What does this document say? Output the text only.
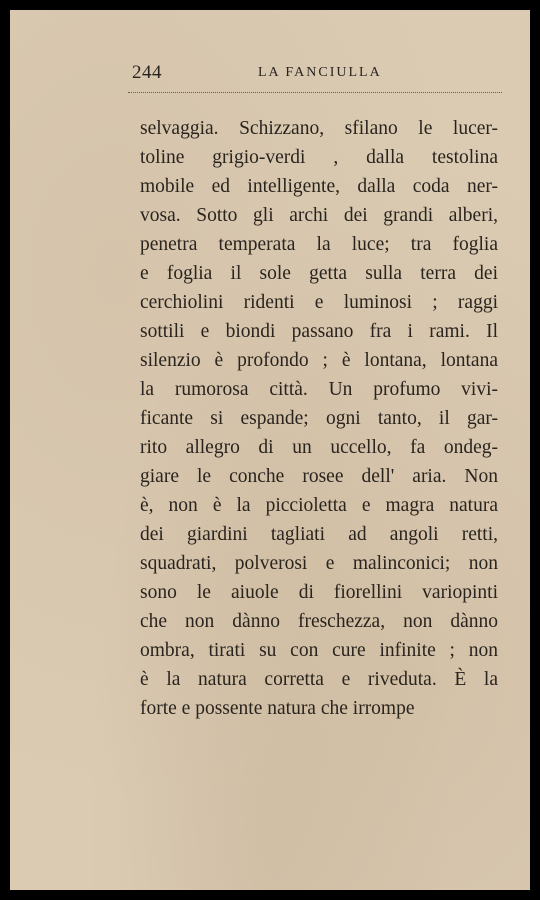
244	LA FANCIULLA
selvaggia. Schizzano, sfilano le lucer-
toline grigio-verdi , dalla testolina
mobile ed intelligente, dalla coda ner-
vosa. Sotto gli archi dei grandi alberi,
penetra temperata la luce; tra foglia
e foglia il sole getta sulla terra dei
cerchiolini ridenti e luminosi ; raggi
sottili e biondi passano fra i rami. Il
silenzio è profondo ; è lontana, lontana
la rumorosa città. Un profumo vivi-
ficante si espande; ogni tanto, il gar-
rito allegro di un uccello, fa ondeg-
giare le conche rosee dell' aria. Non
è, non è la piccioletta e magra natura
dei giardini tagliati ad angoli retti,
squadrati, polverosi e malinconici; non
sono le aiuole di fiorellini variopinti
che non dànno freschezza, non dànno
ombra, tirati su con cure infinite ; non
è la natura corretta e riveduta. È la
forte e possente natura che irrompe
